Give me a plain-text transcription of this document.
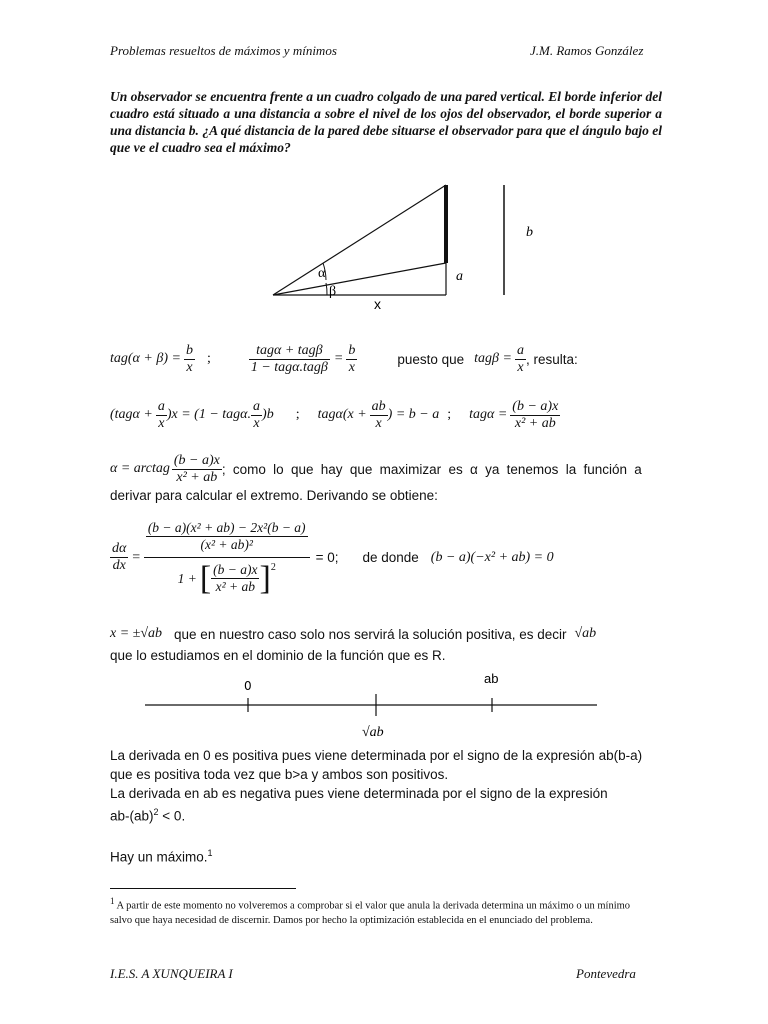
Problemas resueltos de máximos y mínimos	J.M. Ramos González
Un observador se encuentra frente a un cuadro colgado de una pared vertical. El borde inferior del cuadro está situado a una distancia a sobre el nivel de los ojos del observador, el borde superior a una distancia b. ¿A qué distancia de la pared debe situarse el observador para que el ángulo bajo el que ve el cuadro sea el máximo?
α
β
a
b
x
$tag(\alpha + \beta) = \frac{b}{x}$ ;	$\frac{\text{tagα + tagβ}}{\text{1 − tagα.tagβ}} = \frac{b}{x}$	puesto que $tag\beta = \frac{a}{x}$ , resulta:
$(tag\alpha + \frac{a}{x} )x = (1 - tag\alpha$. $\frac{a}{x} )b$ ; $tag\alpha(x + \frac{ab}{x}$ ) = b − a ; $tag\alpha = \frac{(b - a)x}{\text{x² + ab}}$
α = arctag $\frac{(b - a)x}{\text{x² + ab}}$ ; como lo que hay que maximizar es α ya tenemos la función a
derivar para calcular el extremo. Derivando se obtiene:
$\frac{d\alpha}{dx} = \frac{\frac{\text{(b − a)(x² + ab) − 2x²(b − a)}}{\text{(x² + ab)²}}}{1 + [ \frac{(b - a)x}{\text{x² + ab}} ] 2} = 0$; de donde (b − a)(−x² + ab) = 0
x = ±√ab que en nuestro caso solo nos servirá la solución positiva, es decir √ab
que lo estudiamos en el dominio de la función que es R.
0	ab
√ab
La derivada en 0 es positiva pues viene determinada por el signo de la expresión ab(b-a)
que es positiva toda vez que b>a y ambos son positivos.
La derivada en ab es negativa pues viene determinada por el signo de la expresión
ab-(ab)$^2$ < 0.
Hay un máximo.$^1$
$^1$ A partir de este momento no volveremos a comprobar si el valor que anula la derivada determina un máximo o un mínimo salvo que haya necesidad de discernir. Damos por hecho la optimización establecida en el enunciado del problema.
I.E.S. A XUNQUEIRA I	Pontevedra
